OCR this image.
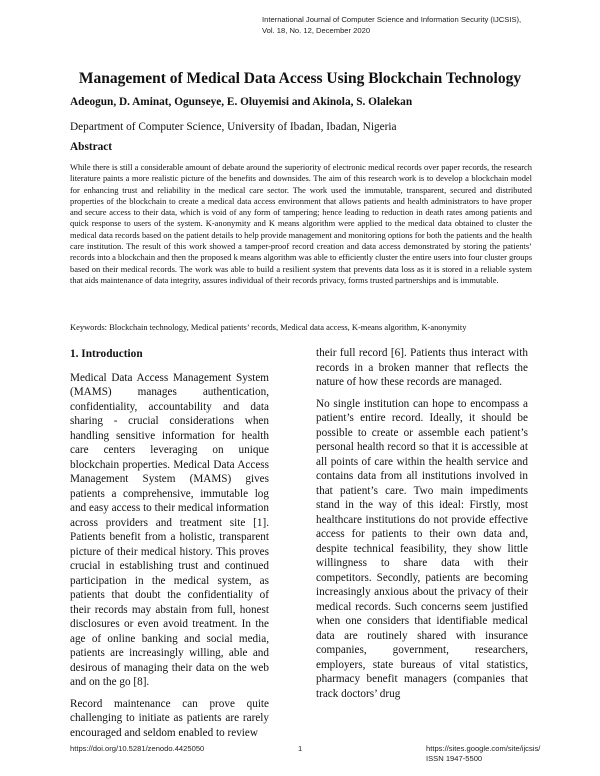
International Journal of Computer Science and Information Security (IJCSIS),
Vol. 18, No. 12, December 2020
Management of Medical Data Access Using Blockchain Technology
Adeogun, D. Aminat, Ogunseye, E. Oluyemisi and Akinola, S. Olalekan
Department of Computer Science, University of Ibadan, Ibadan, Nigeria
Abstract
While there is still a considerable amount of debate around the superiority of electronic medical records over paper records, the research literature paints a more realistic picture of the benefits and downsides. The aim of this research work is to develop a blockchain model for enhancing trust and reliability in the medical care sector. The work used the immutable, transparent, secured and distributed properties of the blockchain to create a medical data access environment that allows patients and health administrators to have proper and secure access to their data, which is void of any form of tampering; hence leading to reduction in death rates among patients and quick response to users of the system. K-anonymity and K means algorithm were applied to the medical data obtained to cluster the medical data records based on the patient details to help provide management and monitoring options for both the patients and the health care institution. The result of this work showed a tamper-proof record creation and data access demonstrated by storing the patients’ records into a blockchain and then the proposed k means algorithm was able to efficiently cluster the entire users into four cluster groups based on their medical records. The work was able to build a resilient system that prevents data loss as it is stored in a reliable system that aids maintenance of data integrity, assures individual of their records privacy, forms trusted partnerships and is immutable.
Keywords: Blockchain technology, Medical patients’ records, Medical data access, K-means algorithm, K-anonymity
1. Introduction

Medical Data Access Management System (MAMS) manages authentication, confidentiality, accountability and data sharing - crucial considerations when handling sensitive information for health care centers leveraging on unique blockchain properties. Medical Data Access Management System (MAMS) gives patients a comprehensive, immutable log and easy access to their medical information across providers and treatment site [1]. Patients benefit from a holistic, transparent picture of their medical history. This proves crucial in establishing trust and continued participation in the medical system, as patients that doubt the confidentiality of their records may abstain from full, honest disclosures or even avoid treatment. In the age of online banking and social media, patients are increasingly willing, able and desirous of managing their data on the web and on the go [8].

Record maintenance can prove quite challenging to initiate as patients are rarely encouraged and seldom enabled to review

their full record [6]. Patients thus interact with records in a broken manner that reflects the nature of how these records are managed.

No single institution can hope to encompass a patient’s entire record. Ideally, it should be possible to create or assemble each patient’s personal health record so that it is accessible at all points of care within the health service and contains data from all institutions involved in that patient’s care. Two main impediments stand in the way of this ideal: Firstly, most healthcare institutions do not provide effective access for patients to their own data and, despite technical feasibility, they show little willingness to share data with their competitors. Secondly, patients are becoming increasingly anxious about the privacy of their medical records. Such concerns seem justified when one considers that identifiable medical data are routinely shared with insurance companies, government, researchers, employers, state bureaus of vital statistics, pharmacy benefit managers (companies that track doctors’ drug

https://doi.org/10.5281/zenodo.4425050	1	https://sites.google.com/site/ijcsis/
ISSN 1947-5500
